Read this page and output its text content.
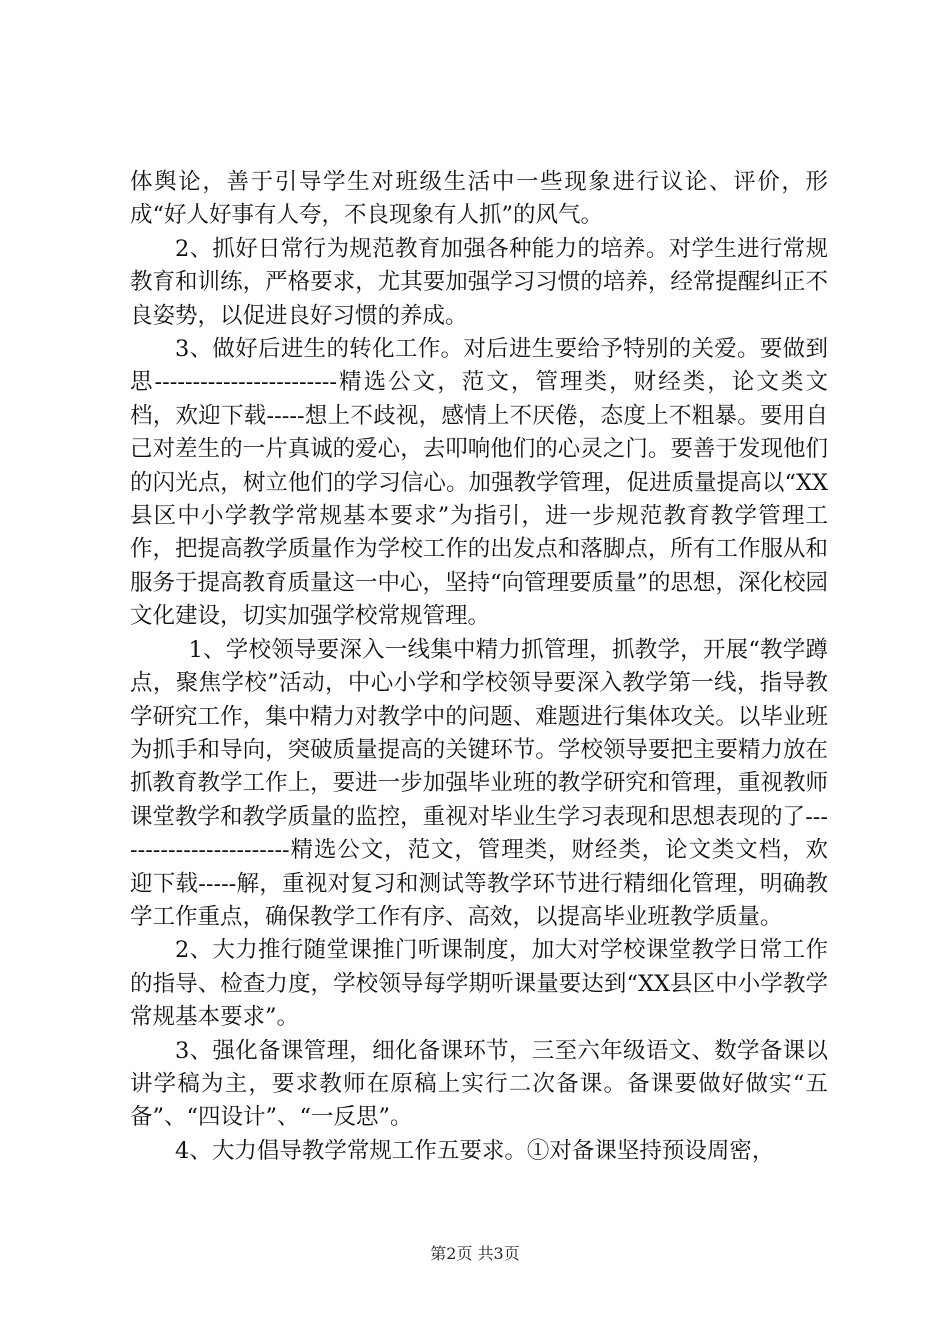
体舆论，善于引导学生对班级生活中一些现象进行议论、评价，形成“好人好事有人夸，不良现象有人抓”的风气。

2、抓好日常行为规范教育加强各种能力的培养。对学生进行常规教育和训练，严格要求，尤其要加强学习习惯的培养，经常提醒纠正不良姿势，以促进良好习惯的养成。

3、做好后进生的转化工作。对后进生要给予特别的关爱。要做到思------------------------精选公文，范文，管理类，财经类，论文类文档，欢迎下载-----想上不歧视，感情上不厌倦，态度上不粗暴。要用自己对差生的一片真诚的爱心，去叩响他们的心灵之门。要善于发现他们的闪光点，树立他们的学习信心。加强教学管理，促进质量提高以“XX县区中小学教学常规基本要求”为指引，进一步规范教育教学管理工作，把提高教学质量作为学校工作的出发点和落脚点，所有工作服从和服务于提高教育质量这一中心，坚持“向管理要质量”的思想，深化校园文化建设，切实加强学校常规管理。

1、学校领导要深入一线集中精力抓管理，抓教学，开展“教学蹲点，聚焦学校”活动，中心小学和学校领导要深入教学第一线，指导教学研究工作，集中精力对教学中的问题、难题进行集体攻关。以毕业班为抓手和导向，突破质量提高的关键环节。学校领导要把主要精力放在抓教育教学工作上，要进一步加强毕业班的教学研究和管理，重视教师课堂教学和教学质量的监控，重视对毕业生学习表现和思想表现的了------------------------精选公文，范文，管理类，财经类，论文类文档，欢迎下载-----解，重视对复习和测试等教学环节进行精细化管理，明确教学工作重点，确保教学工作有序、高效，以提高毕业班教学质量。

2、大力推行随堂课推门听课制度，加大对学校课堂教学日常工作的指导、检查力度，学校领导每学期听课量要达到“XX县区中小学教学常规基本要求”。

3、强化备课管理，细化备课环节，三至六年级语文、数学备课以讲学稿为主，要求教师在原稿上实行二次备课。备课要做好做实“五备”、“四设计”、“一反思”。

4、大力倡导教学常规工作五要求。①对备课坚持预设周密，

第2页 共3页
